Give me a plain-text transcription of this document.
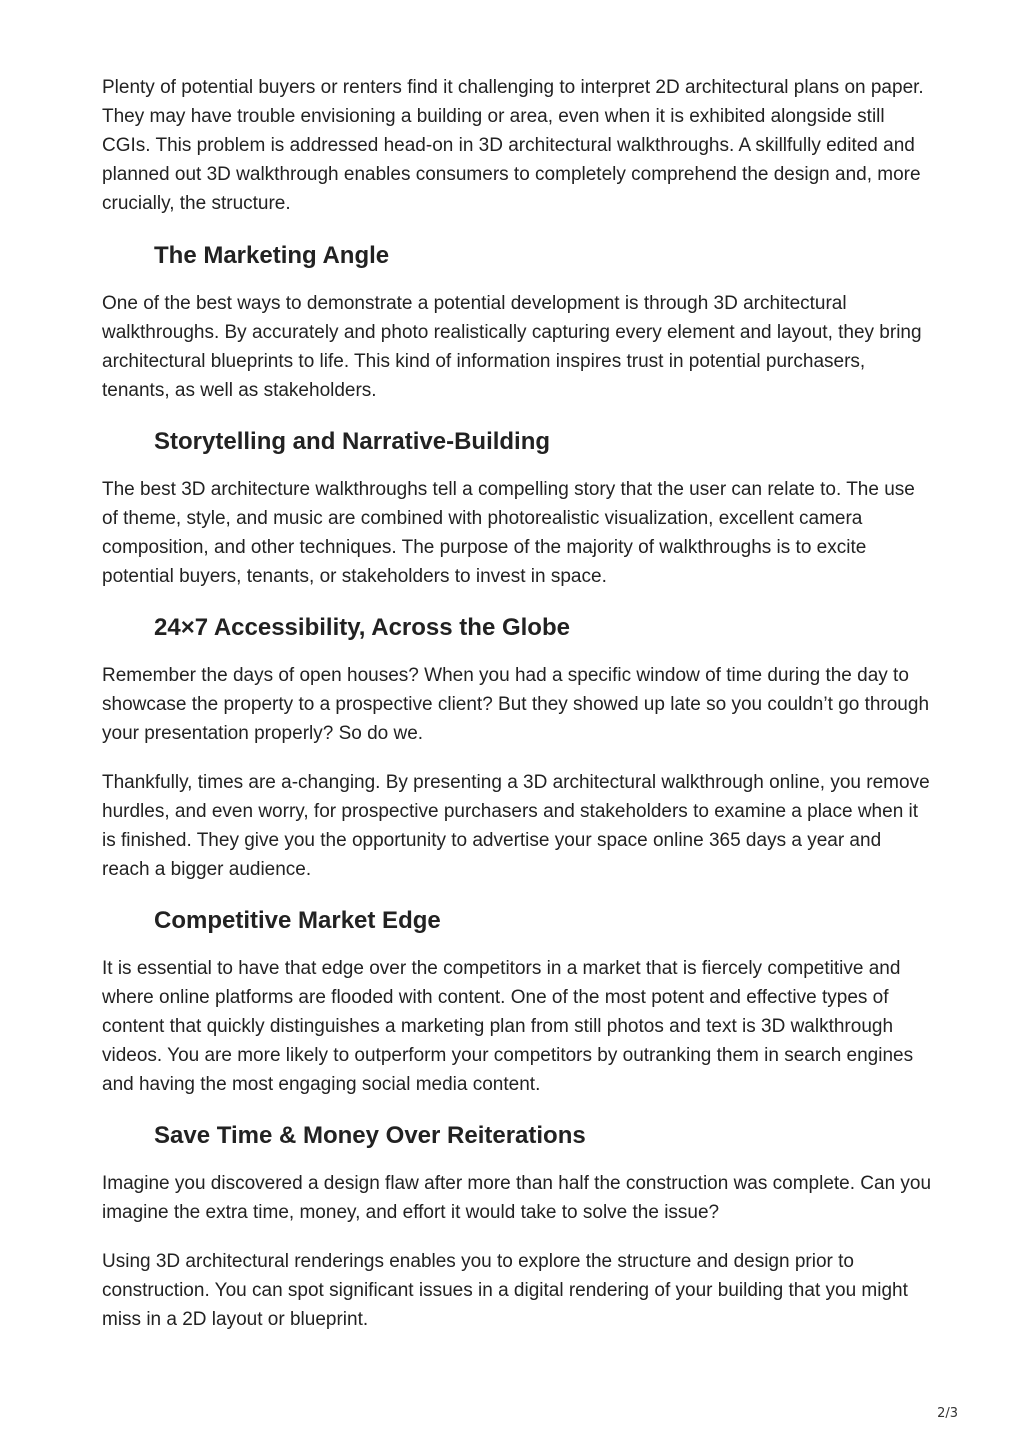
Plenty of potential buyers or renters find it challenging to interpret 2D architectural plans on paper. They may have trouble envisioning a building or area, even when it is exhibited alongside still CGIs. This problem is addressed head-on in 3D architectural walkthroughs. A skillfully edited and planned out 3D walkthrough enables consumers to completely comprehend the design and, more crucially, the structure.

The Marketing Angle

One of the best ways to demonstrate a potential development is through 3D architectural walkthroughs. By accurately and photo realistically capturing every element and layout, they bring architectural blueprints to life. This kind of information inspires trust in potential purchasers, tenants, as well as stakeholders.

Storytelling and Narrative-Building

The best 3D architecture walkthroughs tell a compelling story that the user can relate to. The use of theme, style, and music are combined with photorealistic visualization, excellent camera composition, and other techniques. The purpose of the majority of walkthroughs is to excite potential buyers, tenants, or stakeholders to invest in space.

24×7 Accessibility, Across the Globe

Remember the days of open houses? When you had a specific window of time during the day to showcase the property to a prospective client? But they showed up late so you couldn’t go through your presentation properly? So do we.

Thankfully, times are a-changing. By presenting a 3D architectural walkthrough online, you remove hurdles, and even worry, for prospective purchasers and stakeholders to examine a place when it is finished. They give you the opportunity to advertise your space online 365 days a year and reach a bigger audience.

Competitive Market Edge

It is essential to have that edge over the competitors in a market that is fiercely competitive and where online platforms are flooded with content. One of the most potent and effective types of content that quickly distinguishes a marketing plan from still photos and text is 3D walkthrough videos. You are more likely to outperform your competitors by outranking them in search engines and having the most engaging social media content.

Save Time & Money Over Reiterations

Imagine you discovered a design flaw after more than half the construction was complete. Can you imagine the extra time, money, and effort it would take to solve the issue?

Using 3D architectural renderings enables you to explore the structure and design prior to construction. You can spot significant issues in a digital rendering of your building that you might miss in a 2D layout or blueprint.

2/3
